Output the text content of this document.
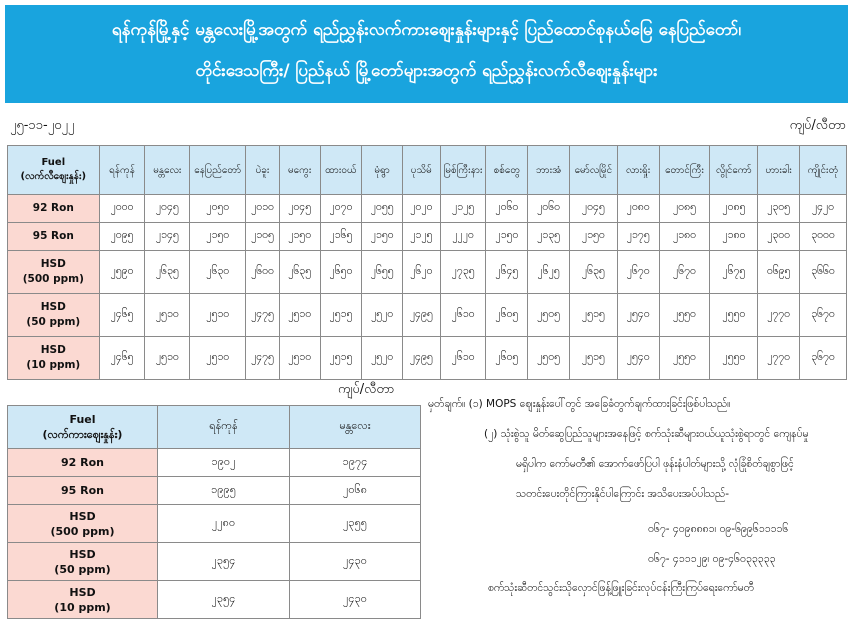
ရန်ကုန်မြို့နှင့် မန္တလေးမြို့အတွက် ရည်ညွှန်းလက်ကားဈေးနှုန်းများနှင့် ပြည်ထောင်စုနယ်မြေ နေပြည်တော်၊
တိုင်းဒေသကြီး/ ပြည်နယ် မြို့တော်များအတွက် ရည်ညွှန်းလက်လီဈေးနှုန်းများ
၂၅-၁၁-၂၀၂၂	ကျပ်/လီတာ
Fuel
(လက်လီဈေးနှုန်း)	ရန်ကုန်	မန္တလေး	နေပြည်တော်	ပဲခူး	မကွေး	ထားဝယ်	မုံရွာ	ပုသိမ်	မြစ်ကြီးနား	စစ်တွေ	ဘားအံ	မော်လမြိုင်	လားရှိုး	တောင်ကြီး	လွိုင်ကော်	ဟားခါး	ကျိုင်းတုံ
92 Ron	၂၀၀၀	၂၀၄၅	၂၀၅၀	၂၀၁၀	၂၀၄၅	၂၀၇၀	၂၀၅၅	၂၀၂၀	၂၁၂၅	၂၀၆၀	၂၀၆၀	၂၀၄၅	၂၀၈၀	၂၀၈၅	၂၀၈၅	၂၃၀၅	၂၄၂၀
95 Ron	၂၀၉၅	၂၁၄၅	၂၁၅၀	၂၁၀၅	၂၁၅၀	၂၁၆၅	၂၁၅၀	၂၁၂၅	၂၂၂၀	၂၁၅၀	၂၁၃၅	၂၁၅၀	၂၁၇၅	၂၁၈၀	၂၁၈၀	၂၃၀၀	၃၀၀၀
HSD
(500 ppm)	၂၅၉၀	၂၆၃၅	၂၆၃၀	၂၆၀၀	၂၆၃၅	၂၆၅၀	၂၆၅၅	၂၆၂၀	၂၇၃၅	၂၆၄၅	၂၆၂၅	၂၆၃၅	၂၆၇၀	၂၆၇၀	၂၆၇၅	၀၆၉၅	၃၆၆၀
HSD
(50 ppm)	၂၄၆၅	၂၅၁၀	၂၅၁၀	၂၄၇၅	၂၅၁၀	၂၅၁၅	၂၅၂၀	၂၄၉၅	၂၆၁၀	၂၆၀၅	၂၅၀၅	၂၅၁၅	၂၅၄၀	၂၅၅၀	၂၅၅၀	၂၇၇၀	၃၆၇၀
HSD
(10 ppm)	၂၄၆၅	၂၅၁၀	၂၅၁၀	၂၄၇၅	၂၅၁၀	၂၅၁၅	၂၅၂၀	၂၄၉၅	၂၆၁၀	၂၆၀၅	၂၅၀၅	၂၅၁၅	၂၅၄၀	၂၅၅၀	၂၅၅၀	၂၇၇၀	၃၆၇၀
ကျပ်/လီတာ
Fuel
(လက်ကားဈေးနှုန်း)	ရန်ကုန်	မန္တလေး
92 Ron	၁၉၀၂	၁၉၇၄
95 Ron	၁၉၉၅	၂၀၆၈
HSD
(500 ppm)	၂၂၈၀	၂၃၅၅
HSD
(50 ppm)	၂၃၅၄	၂၄၃၀
HSD
(10 ppm)	၂၃၅၄	၂၄၃၀
မှတ်ချက်။ (၁) MOPS ဈေးနှုန်းပေါ်တွင် အခြေခံတွက်ချက်ထားခြင်းဖြစ်ပါသည်။
(၂) သုံးစွဲသူ မိတ်ဆွေပြည်သူများအနေဖြင့် စက်သုံးဆီများဝယ်ယူသုံးစွဲရာတွင် ကျေနပ်မှု
မရှိပါက ကော်မတီ၏ အောက်ဖော်ပြပါ ဖုန်းနံပါတ်များသို့ လုံခြုံစိတ်ချစွာဖြင့်
သတင်းပေးတိုင်ကြားနိုင်ပါကြောင်း အသိပေးအပ်ပါသည်-
၀၆၇- ၄၀၉၈၈၈၁၊ ၀၉-၆၉၉၆၁၁၁၁၆
၀၆၇- ၄၁၁၁၂၉၊ ၀၉-၄၆၀၃၃၃၃၃
စက်သုံးဆီတင်သွင်းသိုလှောင်ဖြန့်ဖြူးခြင်းလုပ်ငန်းကြီးကြပ်ရေးကော်မတီ
